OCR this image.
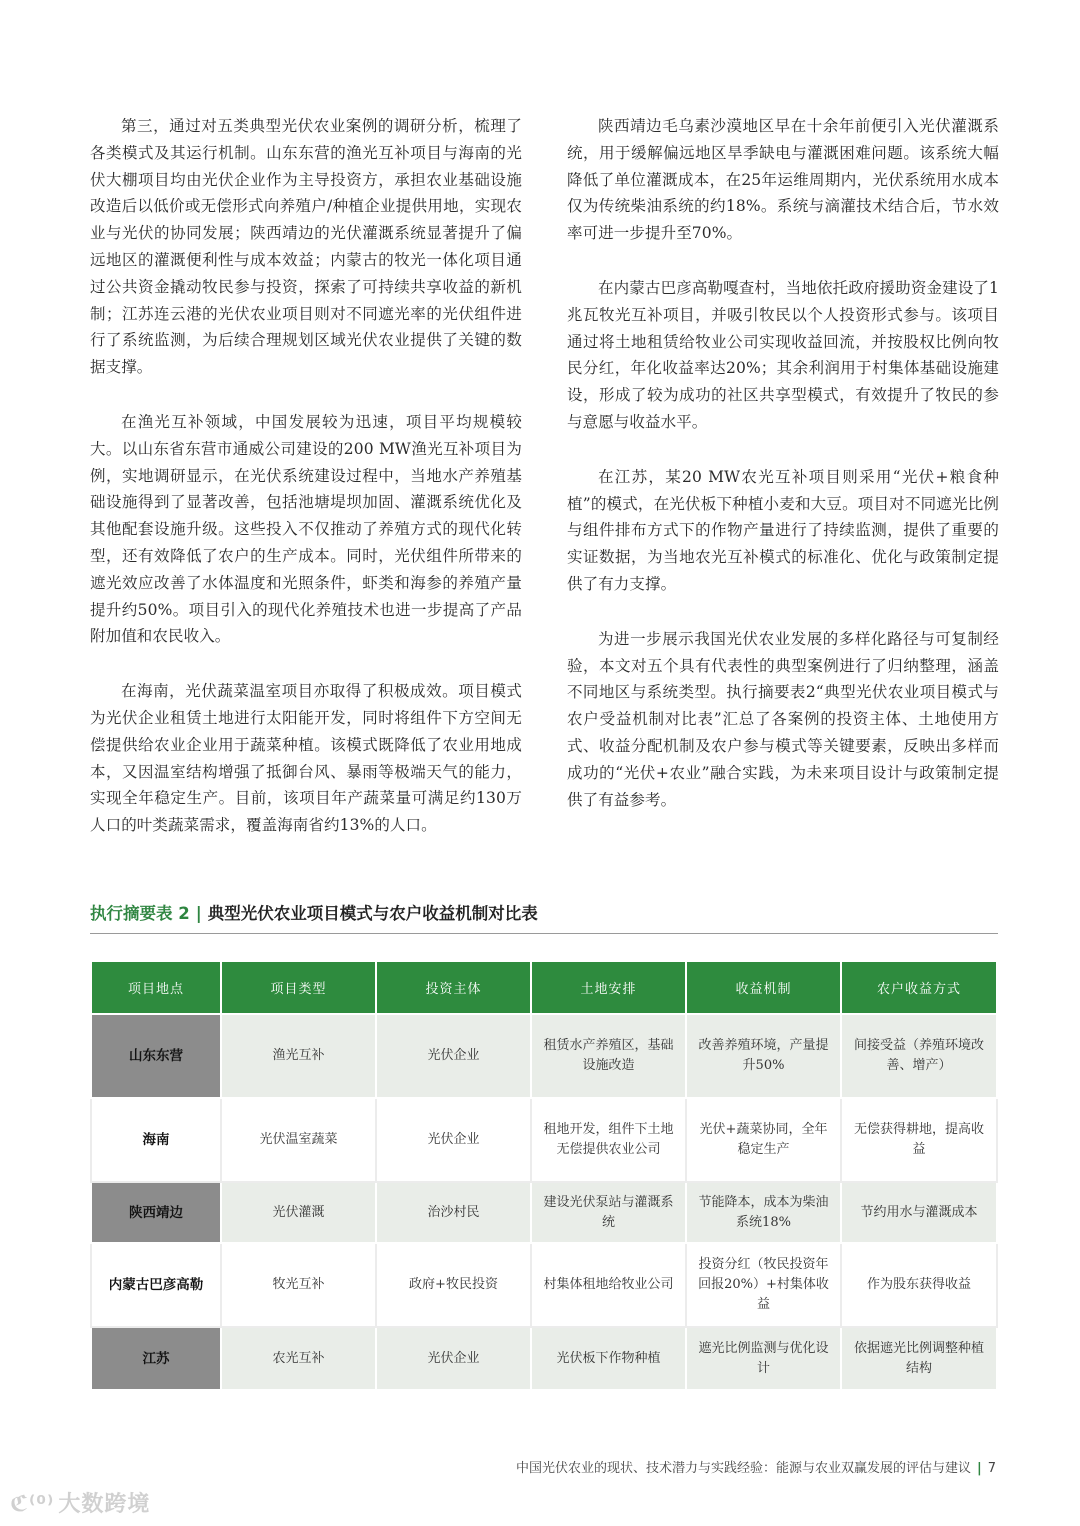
第三，通过对五类典型光伏农业案例的调研分析，梳理了各类模式及其运行机制。山东东营的渔光互补项目与海南的光伏大棚项目均由光伏企业作为主导投资方，承担农业基础设施改造后以低价或无偿形式向养殖户/种植企业提供用地，实现农业与光伏的协同发展；陕西靖边的光伏灌溉系统显著提升了偏远地区的灌溉便利性与成本效益；内蒙古的牧光一体化项目通过公共资金撬动牧民参与投资，探索了可持续共享收益的新机制；江苏连云港的光伏农业项目则对不同遮光率的光伏组件进行了系统监测，为后续合理规划区域光伏农业提供了关键的数据支撑。

在渔光互补领域，中国发展较为迅速，项目平均规模较大。以山东省东营市通威公司建设的200 MW渔光互补项目为例，实地调研显示，在光伏系统建设过程中，当地水产养殖基础设施得到了显著改善，包括池塘堤坝加固、灌溉系统优化及其他配套设施升级。这些投入不仅推动了养殖方式的现代化转型，还有效降低了农户的生产成本。同时，光伏组件所带来的遮光效应改善了水体温度和光照条件，虾类和海参的养殖产量提升约50%。项目引入的现代化养殖技术也进一步提高了产品附加值和农民收入。

在海南，光伏蔬菜温室项目亦取得了积极成效。项目模式为光伏企业租赁土地进行太阳能开发，同时将组件下方空间无偿提供给农业企业用于蔬菜种植。该模式既降低了农业用地成本，又因温室结构增强了抵御台风、暴雨等极端天气的能力，实现全年稳定生产。目前，该项目年产蔬菜量可满足约130万人口的叶类蔬菜需求，覆盖海南省约13%的人口。

陕西靖边毛乌素沙漠地区早在十余年前便引入光伏灌溉系统，用于缓解偏远地区旱季缺电与灌溉困难问题。该系统大幅降低了单位灌溉成本，在25年运维周期内，光伏系统用水成本仅为传统柴油系统的约18%。系统与滴灌技术结合后，节水效率可进一步提升至70%。

在内蒙古巴彦高勒嘎查村，当地依托政府援助资金建设了1兆瓦牧光互补项目，并吸引牧民以个人投资形式参与。该项目通过将土地租赁给牧业公司实现收益回流，并按股权比例向牧民分红，年化收益率达20%；其余利润用于村集体基础设施建设，形成了较为成功的社区共享型模式，有效提升了牧民的参与意愿与收益水平。

在江苏，某20 MW农光互补项目则采用“光伏+粮食种植”的模式，在光伏板下种植小麦和大豆。项目对不同遮光比例与组件排布方式下的作物产量进行了持续监测，提供了重要的实证数据，为当地农光互补模式的标准化、优化与政策制定提供了有力支撑。

为进一步展示我国光伏农业发展的多样化路径与可复制经验，本文对五个具有代表性的典型案例进行了归纳整理，涵盖不同地区与系统类型。执行摘要表2“典型光伏农业项目模式与农户受益机制对比表”汇总了各案例的投资主体、土地使用方式、收益分配机制及农户参与模式等关键要素，反映出多样而成功的“光伏+农业”融合实践，为未来项目设计与政策制定提供了有益参考。

执行摘要表 2 | 典型光伏农业项目模式与农户收益机制对比表
项目地点	项目类型	投资主体	土地安排	收益机制	农户收益方式
山东东营	渔光互补	光伏企业	租赁水产养殖区，基础设施改造	改善养殖环境，产量提升50%	间接受益（养殖环境改善、增产）
海南	光伏温室蔬菜	光伏企业	租地开发，组件下土地无偿提供农业公司	光伏+蔬菜协同，全年稳定生产	无偿获得耕地，提高收益
陕西靖边	光伏灌溉	治沙村民	建设光伏泵站与灌溉系统	节能降本，成本为柴油系统18%	节约用水与灌溉成本
内蒙古巴彦高勒	牧光互补	政府+牧民投资	村集体租地给牧业公司	投资分红（牧民投资年回报20%）+村集体收益	作为股东获得收益
江苏	农光互补	光伏企业	光伏板下作物种植	遮光比例监测与优化设计	依据遮光比例调整种植结构
中国光伏农业的现状、技术潜力与实践经验：能源与农业双赢发展的评估与建议 | 7
ℭ⁽⁰⁾ 大数跨境
